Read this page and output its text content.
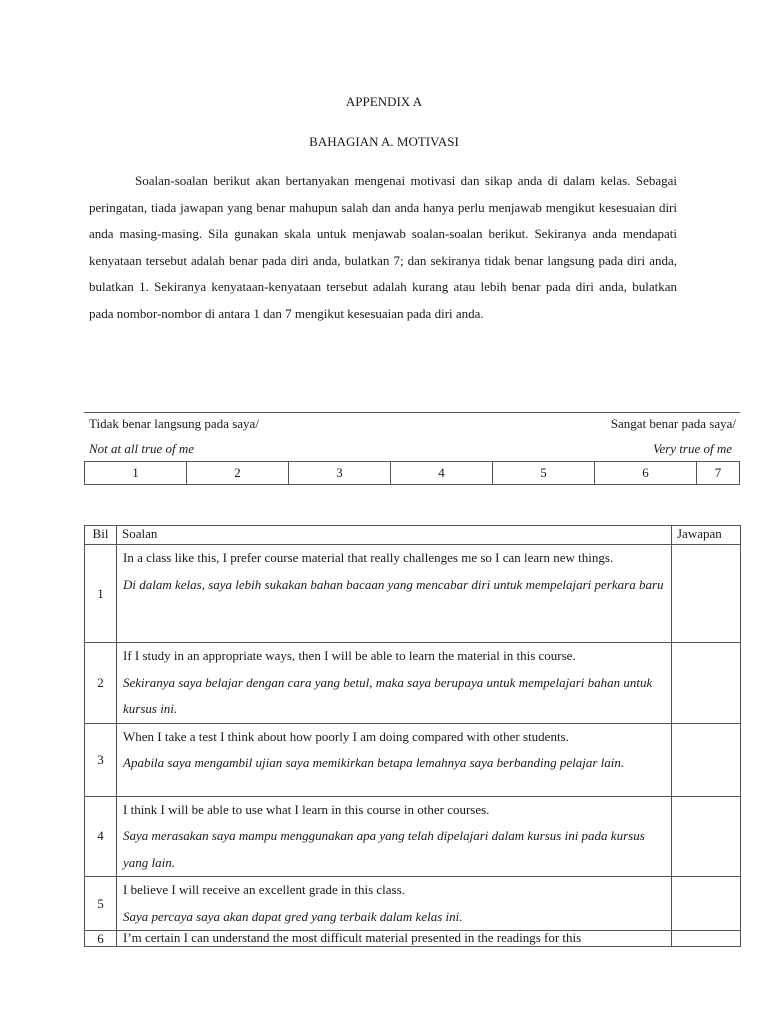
APPENDIX A
BAHAGIAN A. MOTIVASI
Soalan-soalan berikut akan bertanyakan mengenai motivasi dan sikap anda di dalam kelas. Sebagai peringatan, tiada jawapan yang benar mahupun salah dan anda hanya perlu menjawab mengikut kesesuaian diri anda masing-masing. Sila gunakan skala untuk menjawab soalan-soalan berikut. Sekiranya anda mendapati kenyataan tersebut adalah benar pada diri anda, bulatkan 7; dan sekiranya tidak benar langsung pada diri anda, bulatkan 1. Sekiranya kenyataan-kenyataan tersebut adalah kurang atau lebih benar pada diri anda, bulatkan pada nombor-nombor di antara 1 dan 7 mengikut kesesuaian pada diri anda.
Tidak benar langsung pada saya/	Sangat benar pada saya/
Not at all true of me	Very true of me
1	2	3	4	5	6	7
Bil	Soalan	Jawapan
1	In a class like this, I prefer course material that really challenges me so I can learn new things.
Di dalam kelas, saya lebih sukakan bahan bacaan yang mencabar diri untuk mempelajari perkara baru	

2	If I study in an appropriate ways, then I will be able to learn the material in this course.
Sekiranya saya belajar dengan cara yang betul, maka saya berupaya untuk mempelajari bahan untuk kursus ini.	

3	When I take a test I think about how poorly I am doing compared with other students.
Apabila saya mengambil ujian saya memikirkan betapa lemahnya saya berbanding pelajar lain.	

4	I think I will be able to use what I learn in this course in other courses.
Saya merasakan saya mampu menggunakan apa yang telah dipelajari dalam kursus ini pada kursus yang lain.	

5	I believe I will receive an excellent grade in this class.
Saya percaya saya akan dapat gred yang terbaik dalam kelas ini.	

6	I’m certain I can understand the most difficult material presented in the readings for this	
